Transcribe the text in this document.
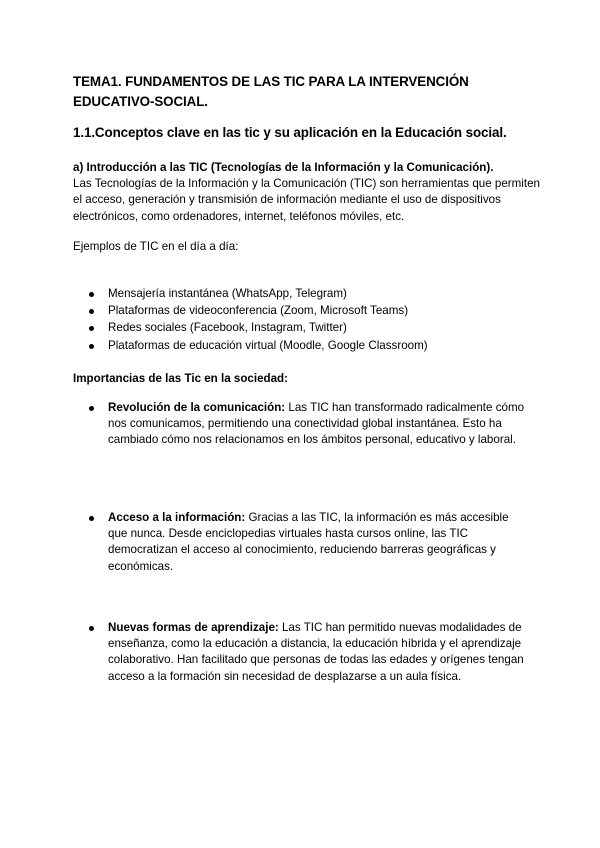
TEMA1. FUNDAMENTOS DE LAS TIC PARA LA INTERVENCIÓN EDUCATIVO-SOCIAL.
1.1.Conceptos clave en las tic y su aplicación en la Educación social.
a) Introducción a las TIC (Tecnologías de la Información y la Comunicación).
Las Tecnologías de la Información y la Comunicación (TIC) son herramientas que permiten el acceso, generación y transmisión de información mediante el uso de dispositivos electrónicos, como ordenadores, internet, teléfonos móviles, etc.
Ejemplos de TIC en el día a día:
Mensajería instantánea (WhatsApp, Telegram)
Plataformas de videoconferencia (Zoom, Microsoft Teams)
Redes sociales (Facebook, Instagram, Twitter)
Plataformas de educación virtual (Moodle, Google Classroom)
Importancias de las Tic en la sociedad:
Revolución de la comunicación: Las TIC han transformado radicalmente cómo nos comunicamos, permitiendo una conectividad global instantánea. Esto ha cambiado cómo nos relacionamos en los ámbitos personal, educativo y laboral.
Acceso a la información: Gracias a las TIC, la información es más accesible que nunca. Desde enciclopedias virtuales hasta cursos online, las TIC democratizan el acceso al conocimiento, reduciendo barreras geográficas y económicas.
Nuevas formas de aprendizaje: Las TIC han permitido nuevas modalidades de enseñanza, como la educación a distancia, la educación híbrida y el aprendizaje colaborativo. Han facilitado que personas de todas las edades y orígenes tengan acceso a la formación sin necesidad de desplazarse a un aula física.
